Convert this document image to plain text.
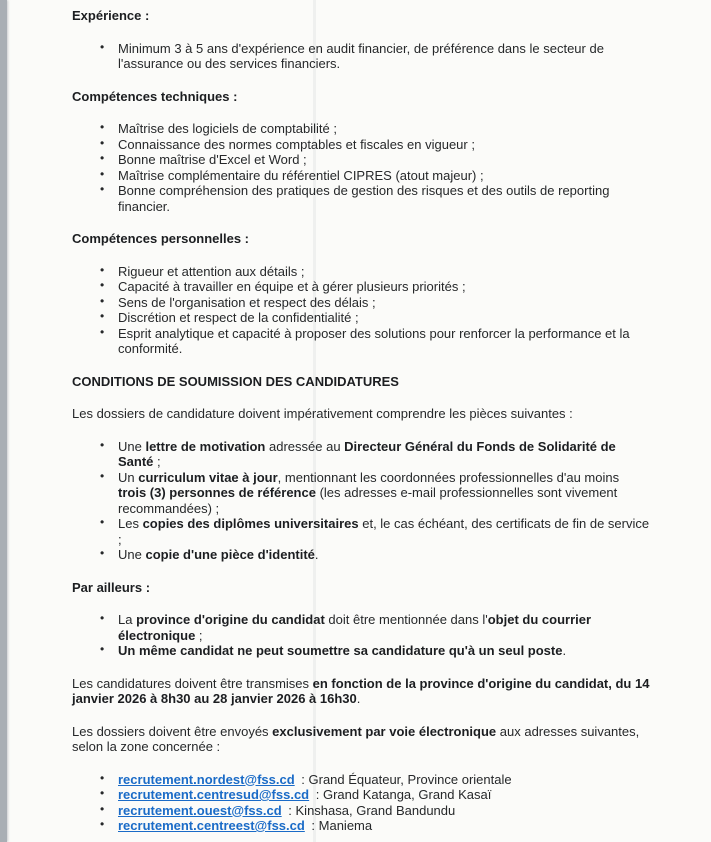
Expérience :
• Minimum 3 à 5 ans d'expérience en audit financier, de préférence dans le secteur de l'assurance ou des services financiers.
Compétences techniques :
• Maîtrise des logiciels de comptabilité ;
• Connaissance des normes comptables et fiscales en vigueur ;
• Bonne maîtrise d'Excel et Word ;
• Maîtrise complémentaire du référentiel CIPRES (atout majeur) ;
• Bonne compréhension des pratiques de gestion des risques et des outils de reporting financier.
Compétences personnelles :
• Rigueur et attention aux détails ;
• Capacité à travailler en équipe et à gérer plusieurs priorités ;
• Sens de l'organisation et respect des délais ;
• Discrétion et respect de la confidentialité ;
• Esprit analytique et capacité à proposer des solutions pour renforcer la performance et la conformité.
CONDITIONS DE SOUMISSION DES CANDIDATURES
Les dossiers de candidature doivent impérativement comprendre les pièces suivantes :
• Une lettre de motivation adressée au Directeur Général du Fonds de Solidarité de Santé ;
• Un curriculum vitae à jour, mentionnant les coordonnées professionnelles d'au moins trois (3) personnes de référence (les adresses e-mail professionnelles sont vivement recommandées) ;
• Les copies des diplômes universitaires et, le cas échéant, des certificats de fin de service ;
• Une copie d'une pièce d'identité.
Par ailleurs :
• La province d'origine du candidat doit être mentionnée dans l'objet du courrier électronique ;
• Un même candidat ne peut soumettre sa candidature qu'à un seul poste.
Les candidatures doivent être transmises en fonction de la province d'origine du candidat, du 14 janvier 2026 à 8h30 au 28 janvier 2026 à 16h30.
Les dossiers doivent être envoyés exclusivement par voie électronique aux adresses suivantes, selon la zone concernée :
• recrutement.nordest@fss.cd : Grand Équateur, Province orientale
• recrutement.centresud@fss.cd : Grand Katanga, Grand Kasaï
• recrutement.ouest@fss.cd : Kinshasa, Grand Bandundu
• recrutement.centreest@fss.cd : Maniema
